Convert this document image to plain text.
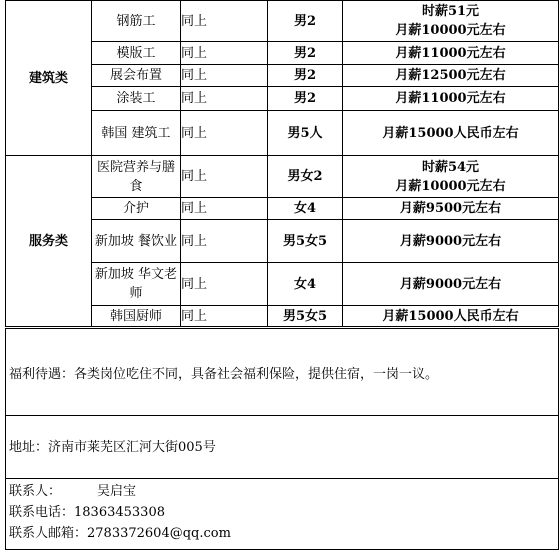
建筑类	钢筋工	同上	男2	时薪51元
月薪10000元左右

	模版工	同上	男2	月薪11000元左右

	展会布置	同上	男2	月薪12500元左右

	涂装工	同上	男2	月薪11000元左右

	韩国 建筑工	同上	男5人	月薪15000人民币左右

服务类	医院营养与膳食	同上	男女2	时薪54元
月薪10000元左右

	介护	同上	女4	月薪9500元左右

	新加坡 餐饮业	同上	男5女5	月薪9000元左右

	新加坡 华文老师	同上	女4	月薪9000元左右

	韩国厨师	同上	男5女5	月薪15000人民币左右

福利待遇：各类岗位吃住不同，具备社会福利保险，提供住宿，一岗一议。

地址：济南市莱芜区汇河大街005号

联系人：	吴启宝
联系电话：18363453308
联系人邮箱：2783372604@qq.com
